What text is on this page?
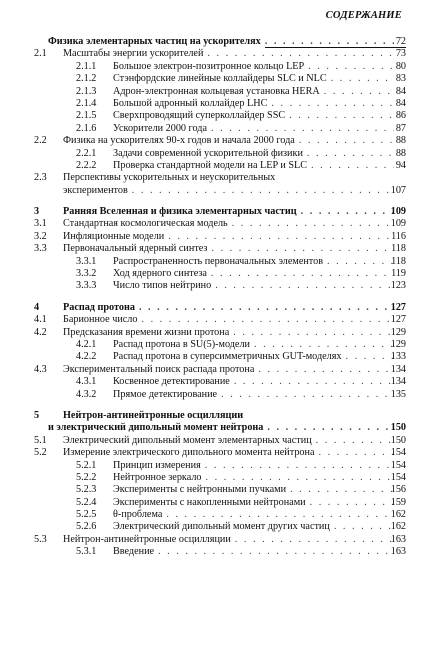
СОДЕРЖАНИЕ
Физика элементарных частиц на ускорителях . . .	72
2.1 Масштабы энергии ускорителей . . .	73
2.1.1 Большое электрон-позитронное кольцо LEP . . .	80
2.1.2 Стэнфордские линейные коллайдеры SLC и NLC . . .	83
2.1.3 Адрон-электронная кольцевая установка HERA . . .	84
2.1.4 Большой адронный коллайдер LHC . . .	84
2.1.5 Сверхпроводящий суперколлайдер SSC . . .	86
2.1.6 Ускорители 2000 года . . .	87
2.2 Физика на ускорителях 90-х годов и начала 2000 года . . .	88
2.2.1 Задачи современной ускорительной физики . . .	88
2.2.2 Проверка стандартной модели на LEP и SLC . . .	94
2.3 Перспективы ускорительных и неускорительных
экспериментов . . .	107
3 Ранняя Вселенная и физика элементарных частиц . . .	109
3.1 Стандартная космологическая модель . . .	109
3.2 Инфляционные модели . . .	116
3.3 Первоначальный ядерный синтез . . .	118
3.3.1 Распространенность первоначальных элементов . . .	118
3.3.2 Ход ядерного синтеза . . .	119
3.3.3 Число типов нейтрино . . .	123
4 Распад протона . . .	127
4.1 Барионное число . . .	127
4.2 Предсказания времени жизни протона . . .	129
4.2.1 Распад протона в SU(5)-модели . . .	129
4.2.2 Распад протона в суперсимметричных GUT-моделях . . .	133
4.3 Экспериментальный поиск распада протона . . .	134
4.3.1 Косвенное детектирование . . .	134
4.3.2 Прямое детектирование . . .	135
5 Нейтрон-антинейтронные осцилляции
и электрический дипольный момент нейтрона . . .	150
5.1 Электрический дипольный момент элементарных частиц . . .	150
5.2 Измерение электрического дипольного момента нейтрона . . .	154
5.2.1 Принцип измерения . . .	154
5.2.2 Нейтронное зеркало . . .	154
5.2.3 Эксперименты с нейтронными пучками . . .	156
5.2.4 Эксперименты с накопленными нейтронами . . .	159
5.2.5 θ-проблема . . .	162
5.2.6 Электрический дипольный момент других частиц . . .	162
5.3 Нейтрон-антинейтронные осцилляции . . .	163
5.3.1 Введение . . .	163
